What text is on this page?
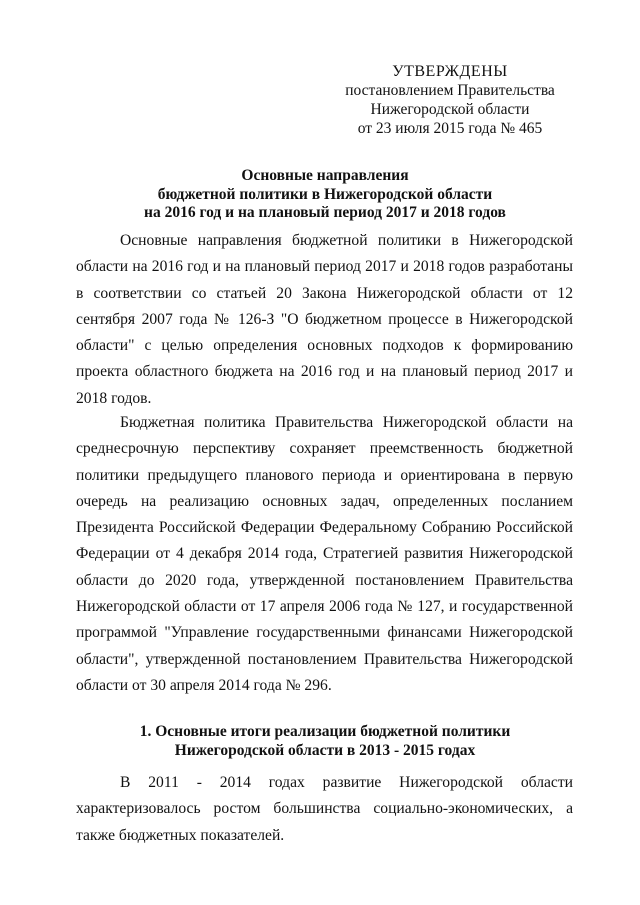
УТВЕРЖДЕНЫ
постановлением Правительства
Нижегородской области
от 23 июля 2015 года № 465
Основные направления
бюджетной политики в Нижегородской области
на 2016 год и на плановый период 2017 и 2018 годов

Основные направления бюджетной политики в Нижегородской области на 2016 год и на плановый период 2017 и 2018 годов разработаны в соответствии со статьей 20 Закона Нижегородской области от 12 сентября 2007 года № 126-З "О бюджетном процессе в Нижегородской области" с целью определения основных подходов к формированию проекта областного бюджета на 2016 год и на плановый период 2017 и 2018 годов.

Бюджетная политика Правительства Нижегородской области на среднесрочную перспективу сохраняет преемственность бюджетной политики предыдущего планового периода и ориентирована в первую очередь на реализацию основных задач, определенных посланием Президента Российской Федерации Федеральному Собранию Российской Федерации от 4 декабря 2014 года, Стратегией развития Нижегородской области до 2020 года, утвержденной постановлением Правительства Нижегородской области от 17 апреля 2006 года № 127, и государственной программой "Управление государственными финансами Нижегородской области", утвержденной постановлением Правительства Нижегородской области от 30 апреля 2014 года № 296.

1. Основные итоги реализации бюджетной политики
Нижегородской области в 2013 - 2015 годах

В 2011 - 2014 годах развитие Нижегородской области характеризовалось ростом большинства социально-экономических, а также бюджетных показателей.
